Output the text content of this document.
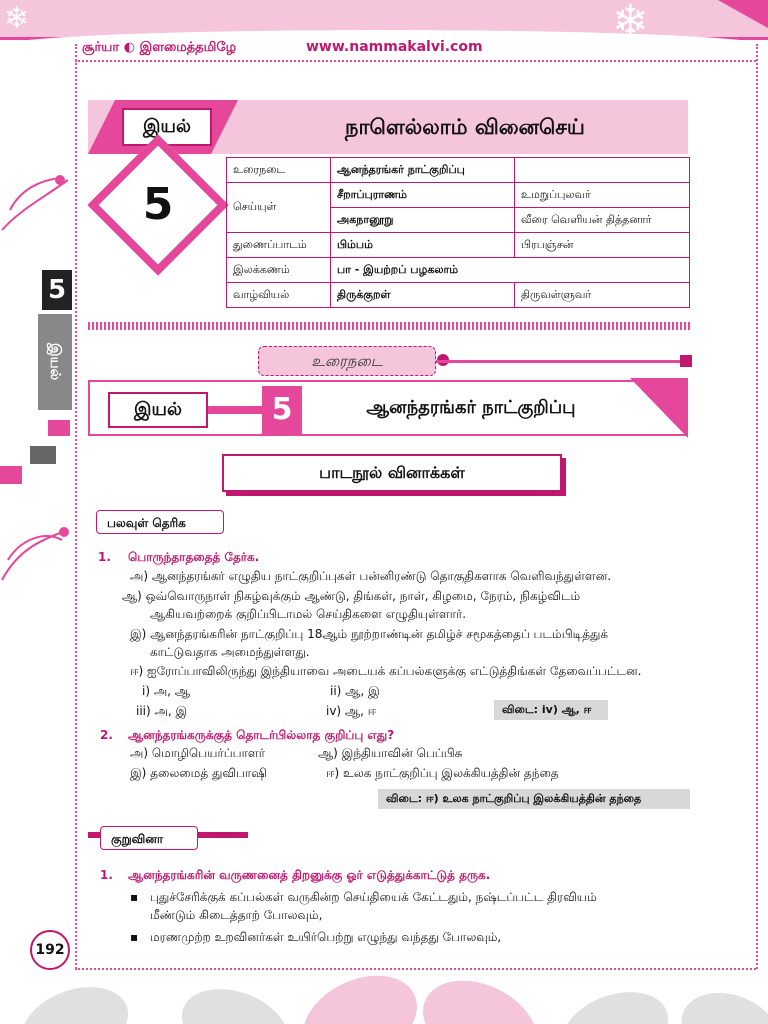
❄
❄
சூர்யா ◐ இளமைத்தமிழே	www.nammakalvi.com
5
இயல்
இயல்	நாளெல்லாம் வினைசெய்
5
உரைநடை	ஆனந்தரங்கர் நாட்குறிப்பு	
செய்யுள்	சீறாப்புராணம்	உமறுப்புலவர்
	அகநானூறு	வீரை வெளியன் தித்தனார்
துணைப்பாடம்	பிம்பம்	பிரபஞ்சன்
இலக்கணம்	பா - இயற்றப் பழகலாம்	
வாழ்வியல்	திருக்குறள்	திருவள்ளுவர்
உரைநடை
இயல்	5	ஆனந்தரங்கர் நாட்குறிப்பு
பாடநூல் வினாக்கள்
பலவுள் தெரிக
1. பொருந்தாததைத் தேர்க.
அ) ஆனந்தரங்கர் எழுதிய நாட்குறிப்புகள் பன்னிரண்டு தொகுதிகளாக வெளிவந்துள்ளன.
ஆ) ஒவ்வொருநாள் நிகழ்வுக்கும் ஆண்டு, திங்கள், நாள், கிழமை, நேரம், நிகழ்விடம்
ஆகியவற்றைக் குறிப்பிடாமல் செய்திகளை எழுதியுள்ளார்.
இ) ஆனந்தரங்கரின் நாட்குறிப்பு 18ஆம் நூற்றாண்டின் தமிழ்ச் சமூகத்தைப் படம்பிடித்துக்
காட்டுவதாக அமைந்துள்ளது.
ஈ) ஐரோப்பாவிலிருந்து இந்தியாவை அடையக் கப்பல்களுக்கு எட்டுத்திங்கள் தேவைப்பட்டன.
i) அ, ஆ	ii) ஆ, இ
iii) அ, இ	iv) ஆ, ஈ	விடை: iv) ஆ, ஈ
2. ஆனந்தரங்கருக்குத் தொடர்பில்லாத குறிப்பு எது?
அ) மொழிபெயர்ப்பாளர்	ஆ) இந்தியாவின் பெப்பிசு
இ) தலைமைத் துவிபாஷி	ஈ) உலக நாட்குறிப்பு இலக்கியத்தின் தந்தை
விடை: ஈ) உலக நாட்குறிப்பு இலக்கியத்தின் தந்தை
குறுவினா
1. ஆனந்தரங்கரின் வருணனைத் திறனுக்கு ஓர் எடுத்துக்காட்டுத் தருக.
▪ புதுச்சேரிக்குக் கப்பல்கள் வருகின்ற செய்தியைக் கேட்டதும், நஷ்டப்பட்ட திரவியம்
மீண்டும் கிடைத்தாற் போலவும்,
▪ மரணமுற்ற உறவினர்கள் உயிர்பெற்று எழுந்து வந்தது போலவும்,
192
